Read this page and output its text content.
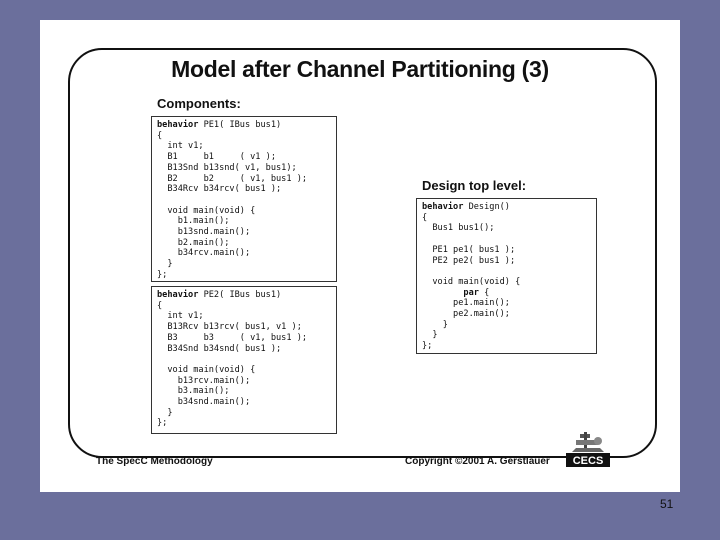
Model after Channel Partitioning (3)
Components:
Design top level:
behavior PE1( IBus bus1)
{
int v1;
B1     b1     ( v1 );
B13Snd b13snd( v1, bus1);
B2     b2     ( v1, bus1 );
B34Rcv b34rcv( bus1 );

void main(void) {
b1.main();
b13snd.main();
b2.main();
b34rcv.main();
}
};
behavior PE2( IBus bus1)
{
int v1;
B13Rcv b13rcv( bus1, v1 );
B3     b3     ( v1, bus1 );
B34Snd b34snd( bus1 );

void main(void) {
b13rcv.main();
b3.main();
b34snd.main();
}
};
behavior Design()
{
Bus1 bus1();

PE1 pe1( bus1 );
PE2 pe2( bus1 );

void main(void) {
par {
pe1.main();
pe2.main();
}
}
};
The SpecC Methodology	Copyright ©2001 A. Gerstlauer CECS
51
